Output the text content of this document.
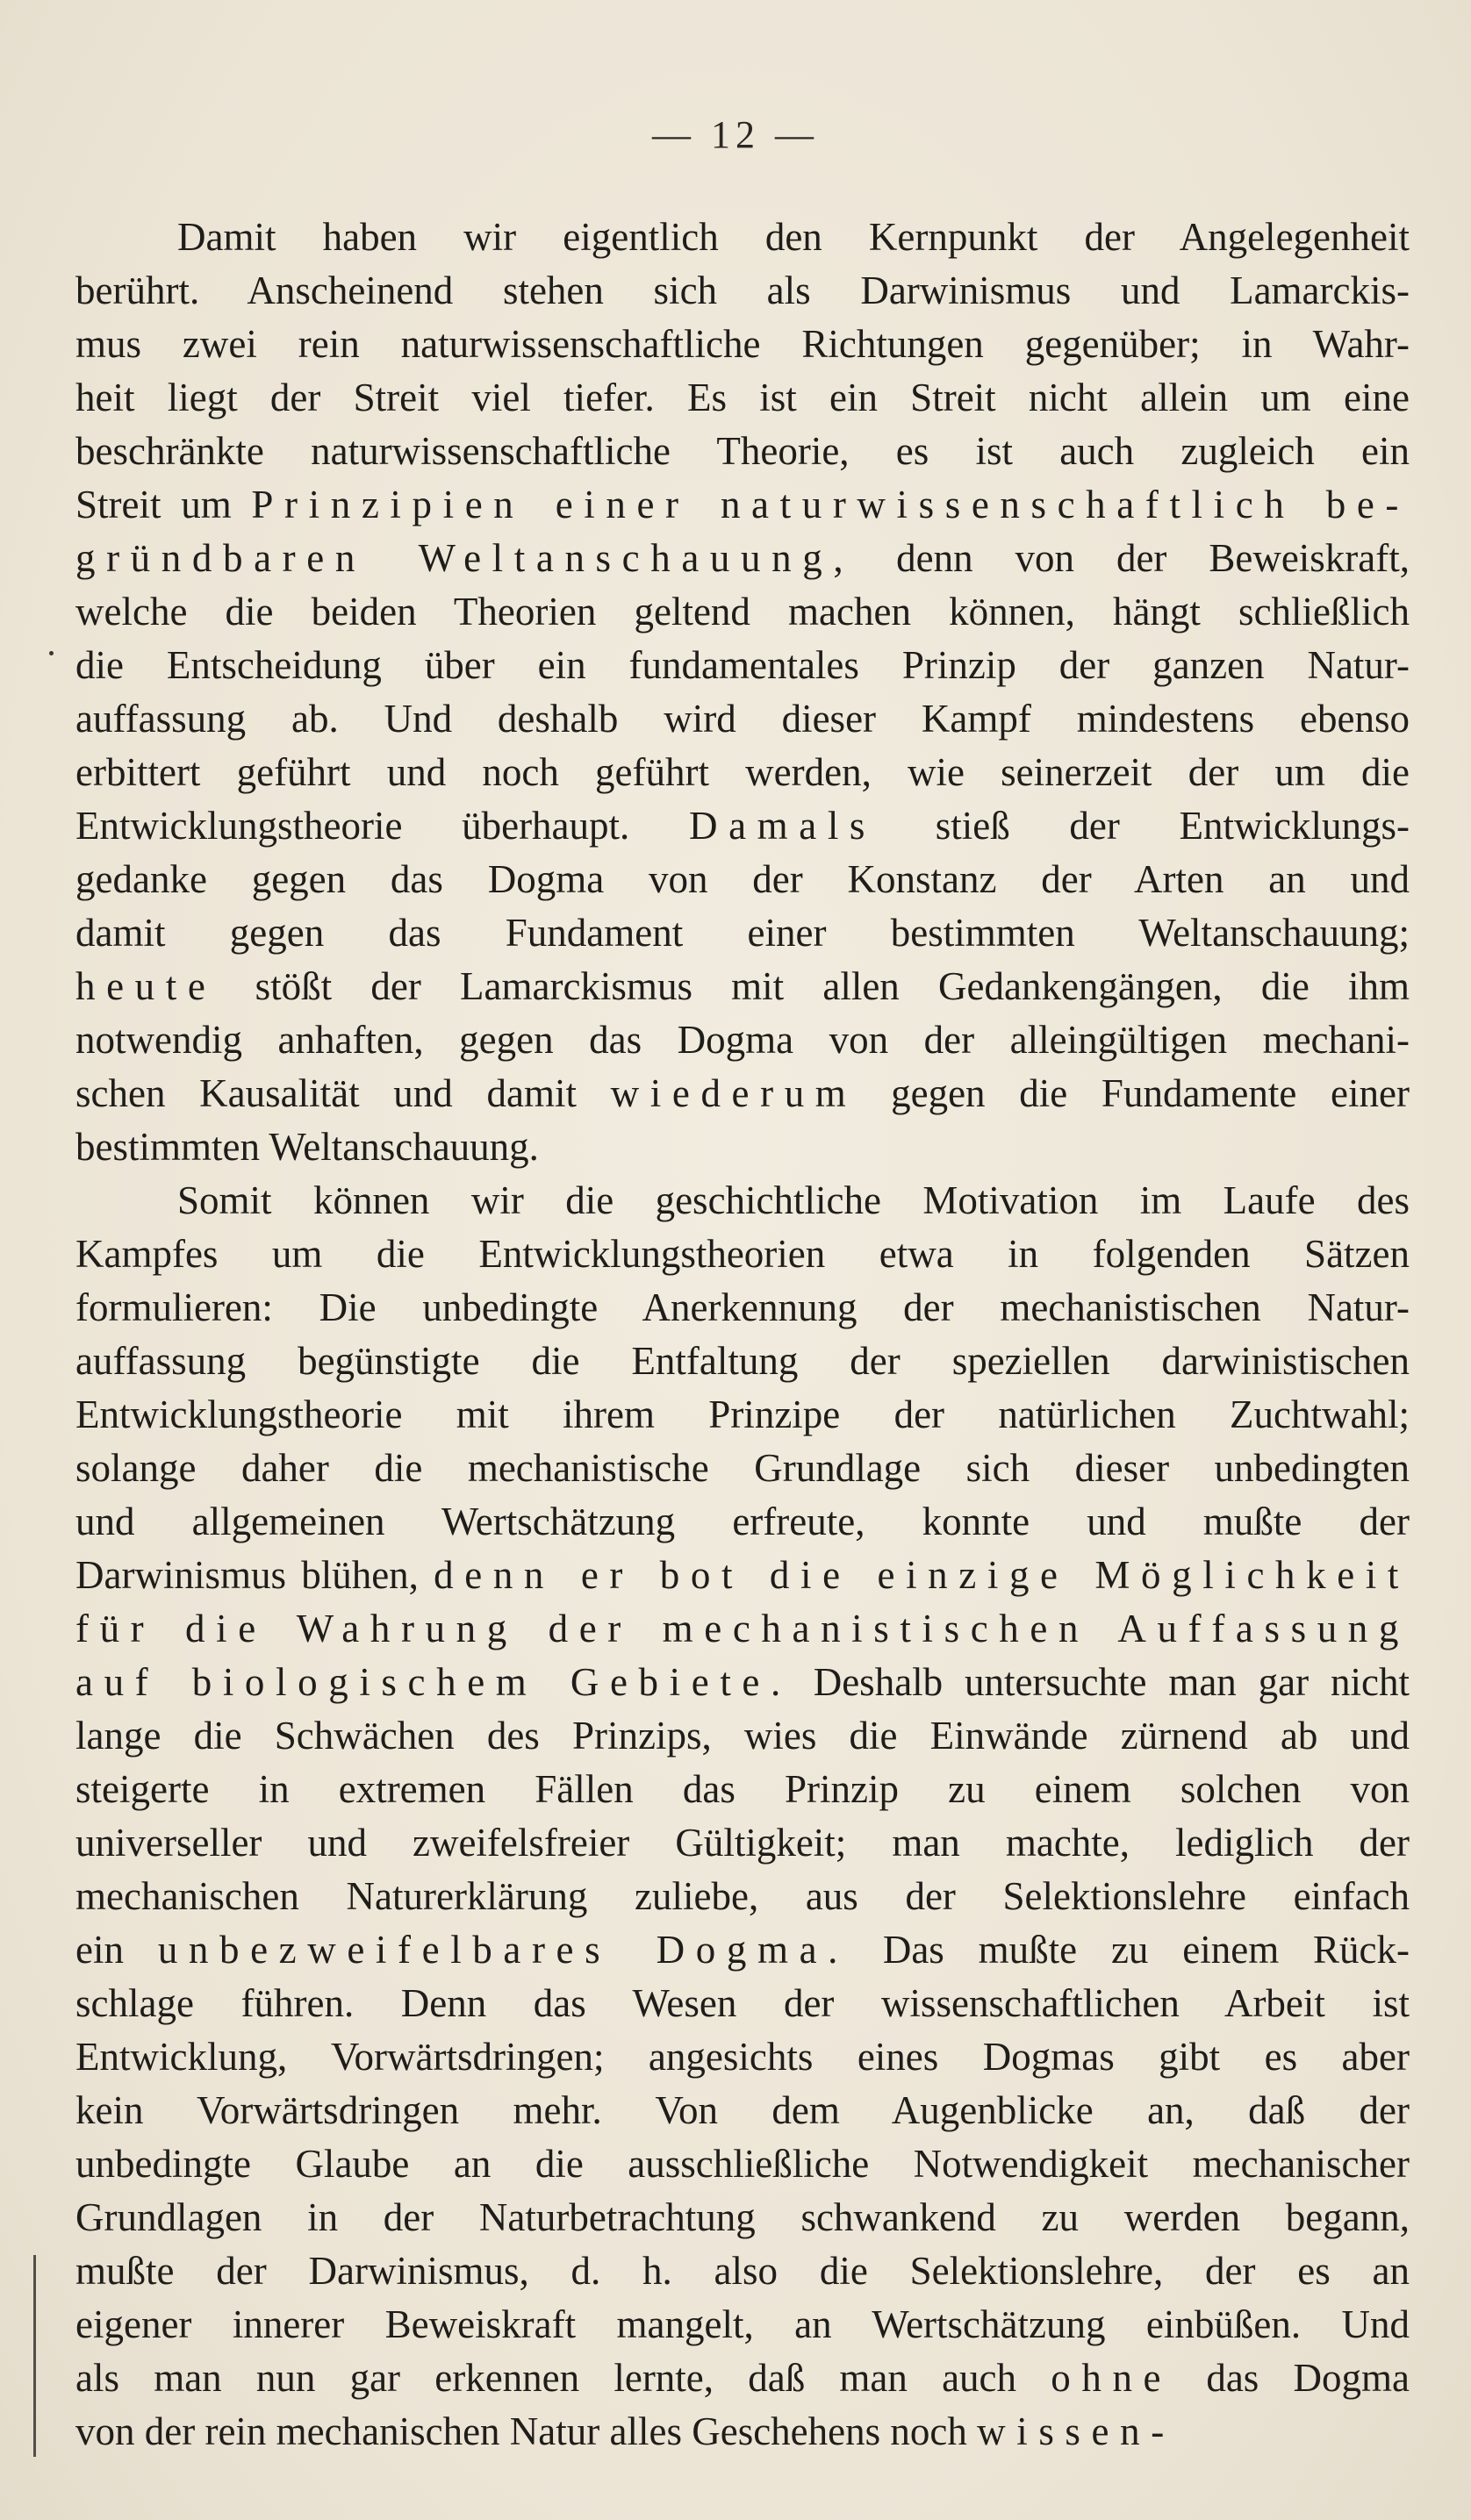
— 12 —
Damit haben wir eigentlich den Kernpunkt der Angelegenheit
berührt. Anscheinend stehen sich als Darwinismus und Lamarckis-
mus zwei rein naturwissenschaftliche Richtungen gegenüber; in Wahr-
heit liegt der Streit viel tiefer. Es ist ein Streit nicht allein um eine
beschränkte naturwissenschaftliche Theorie, es ist auch zugleich ein
Streit um Prinzipien einer naturwissenschaftlich be-
gründbaren Weltanschauung, denn von der Beweiskraft,
welche die beiden Theorien geltend machen können, hängt schließlich
die Entscheidung über ein fundamentales Prinzip der ganzen Natur-
auffassung ab. Und deshalb wird dieser Kampf mindestens ebenso
erbittert geführt und noch geführt werden, wie seinerzeit der um die
Entwicklungstheorie überhaupt. Damals stieß der Entwicklungs-
gedanke gegen das Dogma von der Konstanz der Arten an und
damit gegen das Fundament einer bestimmten Weltanschauung;
heute stößt der Lamarckismus mit allen Gedankengängen, die ihm
notwendig anhaften, gegen das Dogma von der alleingültigen mechani-
schen Kausalität und damit wiederum gegen die Fundamente einer
bestimmten Weltanschauung.
Somit können wir die geschichtliche Motivation im Laufe des
Kampfes um die Entwicklungstheorien etwa in folgenden Sätzen
formulieren: Die unbedingte Anerkennung der mechanistischen Natur-
auffassung begünstigte die Entfaltung der speziellen darwinistischen
Entwicklungstheorie mit ihrem Prinzipe der natürlichen Zuchtwahl;
solange daher die mechanistische Grundlage sich dieser unbedingten
und allgemeinen Wertschätzung erfreute, konnte und mußte der
Darwinismus blühen, denn er bot die einzige Möglichkeit
für die Wahrung der mechanistischen Auffassung
auf biologischem Gebiete. Deshalb untersuchte man gar nicht
lange die Schwächen des Prinzips, wies die Einwände zürnend ab und
steigerte in extremen Fällen das Prinzip zu einem solchen von
universeller und zweifelsfreier Gültigkeit; man machte, lediglich der
mechanischen Naturerklärung zuliebe, aus der Selektionslehre einfach
ein unbezweifelbares Dogma. Das mußte zu einem Rück-
schlage führen. Denn das Wesen der wissenschaftlichen Arbeit ist
Entwicklung, Vorwärtsdringen; angesichts eines Dogmas gibt es aber
kein Vorwärtsdringen mehr. Von dem Augenblicke an, daß der
unbedingte Glaube an die ausschließliche Notwendigkeit mechanischer
Grundlagen in der Naturbetrachtung schwankend zu werden begann,
mußte der Darwinismus, d. h. also die Selektionslehre, der es an
eigener innerer Beweiskraft mangelt, an Wertschätzung einbüßen. Und
als man nun gar erkennen lernte, daß man auch ohne das Dogma
von der rein mechanischen Natur alles Geschehens noch wissen-
